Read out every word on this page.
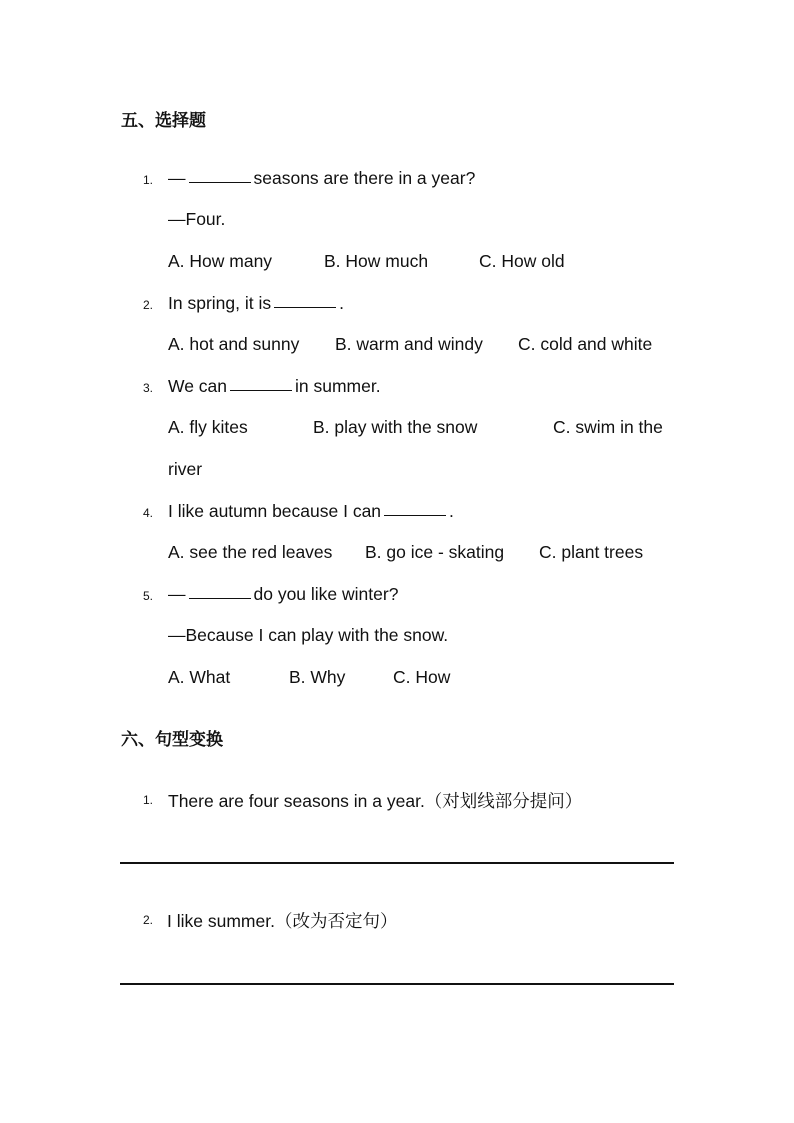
五、选择题
1. —	seasons are there in a year?
—Four.
A. How many	B. How much	C. How old
2. In spring, it is	.
A. hot and sunny B. warm and windy C. cold and white
3. We can	in summer.
A. fly kites	B. play with the snow	C. swim in the
river
4. I like autumn because I can	.
A. see the red leaves B. go ice - skating C. plant trees
5. —	do you like winter?
—Because I can play with the snow.
A. What	B. Why	C. How
六、句型变换
1. There are four seasons in a year.（对划线部分提问）
2. I like summer.（改为否定句）
